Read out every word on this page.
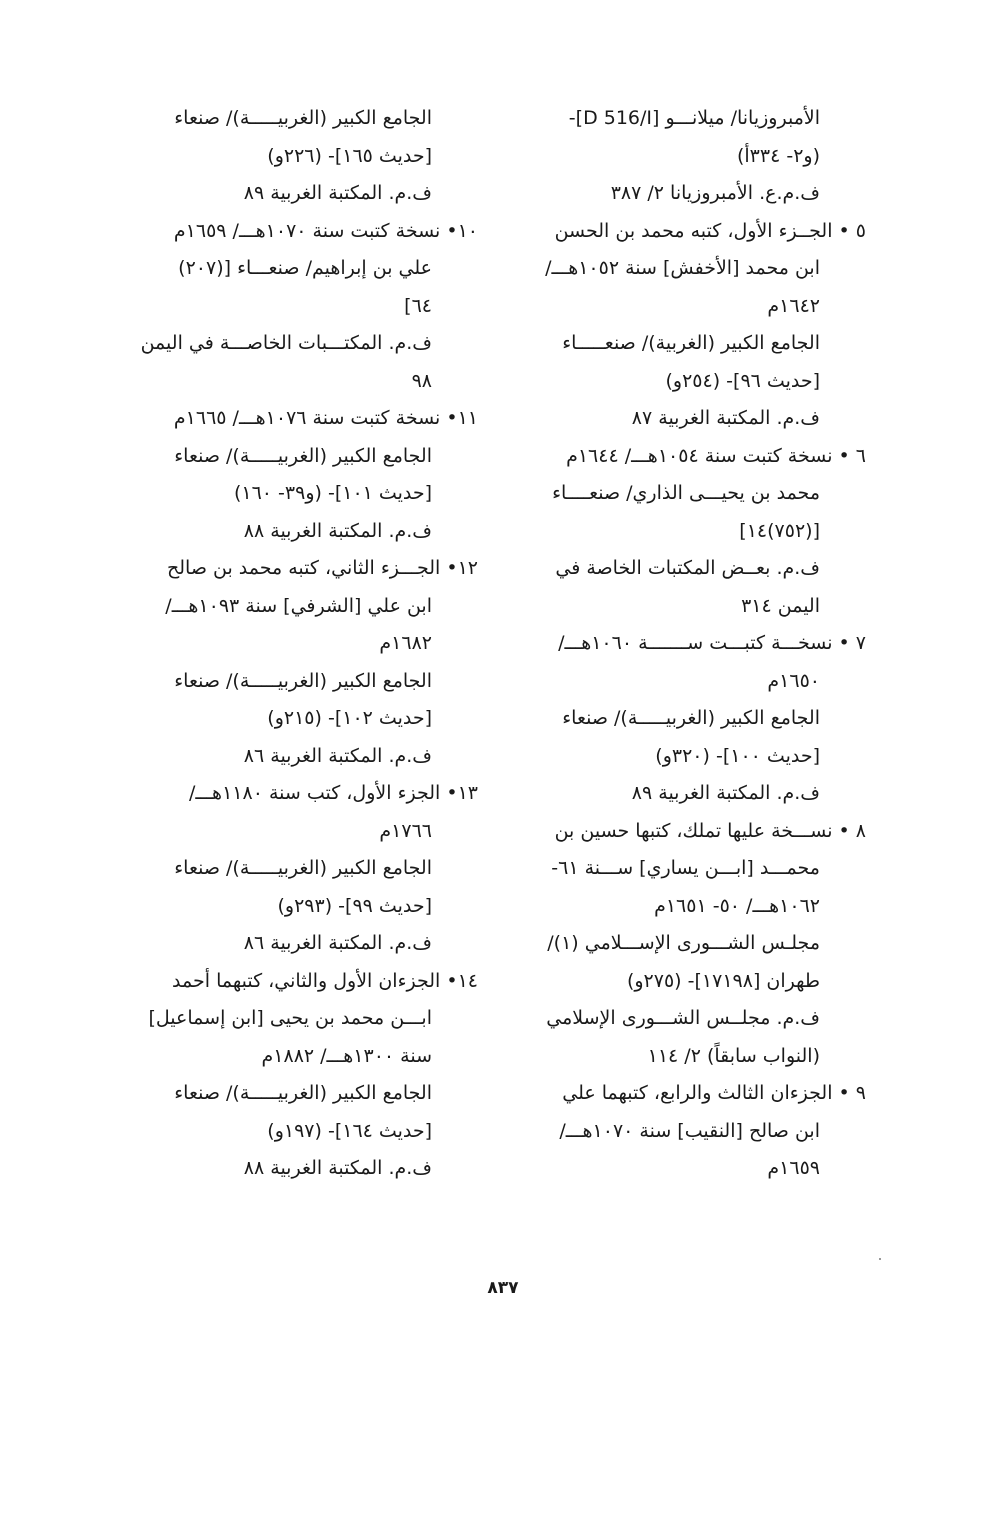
الأمبروزيانا/ ميلانـــو [D 516/I]-
(و٢- ٣٣٤أ)
ف.م.ع. الأمبروزيانا ٢/ ٣٨٧
٥ • الجــزء الأول، كتبه محمد بن الحسن
ابن محمد [الأخفش] سنة ١٠٥٢هـــ/
١٦٤٢م
الجامع الكبير (الغربية)/ صنعـــــاء
[حديث ٩٦]- (٢٥٤و)
ف.م. المكتبة الغربية ٨٧
٦ • نسخة كتبت سنة ١٠٥٤هـــ/ ١٦٤٤م
محمد بن يحيـــى الذاري/ صنعــــاء
[(٧٥٢)١٤]
ف.م. بعــض المكتبات الخاصة في
اليمن ٣١٤
٧ • نسخـــة كتبـــت ســـــــة ١٠٦٠هـــ/
١٦٥٠م
الجامع الكبير (الغربيـــــة)/ صنعاء
[حديث ١٠٠]- (٣٢٠و)
ف.م. المكتبة الغربية ٨٩
٨ • نســـخة عليها تملك، كتبها حسين بن
محمـــد [ابـــن يساري] ســـنة ٦١-
١٠٦٢هـــ/ ٥٠- ١٦٥١م
مجلـس الشـــورى الإســـلامي (١)/
طهران [١٧١٩٨]- (٢٧٥و)
ف.م. مجلــس الشـــورى الإسلامي
(النواب سابقاً) ٢/ ١١٤
٩ • الجزءان الثالث والرابع، كتبهما علي
ابن صالح [النقيب] سنة ١٠٧٠هـــ/
١٦٥٩م
الجامع الكبير (الغربيـــــة)/ صنعاء
[حديث ١٦٥]- (٢٢٦و)
ف.م. المكتبة الغربية ٨٩
١٠• نسخة كتبت سنة ١٠٧٠هـــ/ ١٦٥٩م
علي بن إبراهيم/ صنعـــاء [(٢٠٧)
٦٤]
ف.م. المكتـــبات الخاصـــة في اليمن
٩٨
١١• نسخة كتبت سنة ١٠٧٦هـــ/ ١٦٦٥م
الجامع الكبير (الغربيـــــة)/ صنعاء
[حديث ١٠١]- (و٣٩- ١٦٠)
ف.م. المكتبة الغربية ٨٨
١٢• الجـــزء الثاني، كتبه محمد بن صالح
ابن علي [الشرفي] سنة ١٠٩٣هـــ/
١٦٨٢م
الجامع الكبير (الغربيـــــة)/ صنعاء
[حديث ١٠٢]- (٢١٥و)
ف.م. المكتبة الغربية ٨٦
١٣• الجزء الأول، كتب سنة ١١٨٠هـــ/
١٧٦٦م
الجامع الكبير (الغربيـــــة)/ صنعاء
[حديث ٩٩]- (٢٩٣و)
ف.م. المكتبة الغربية ٨٦
١٤• الجزءان الأول والثاني، كتبهما أحمد
ابـــن محمد بن يحيى [ابن إسماعيل]
سنة ١٣٠٠هـــ/ ١٨٨٢م
الجامع الكبير (الغربيـــــة)/ صنعاء
[حديث ١٦٤]- (١٩٧و)
ف.م. المكتبة الغربية ٨٨
٨٣٧
